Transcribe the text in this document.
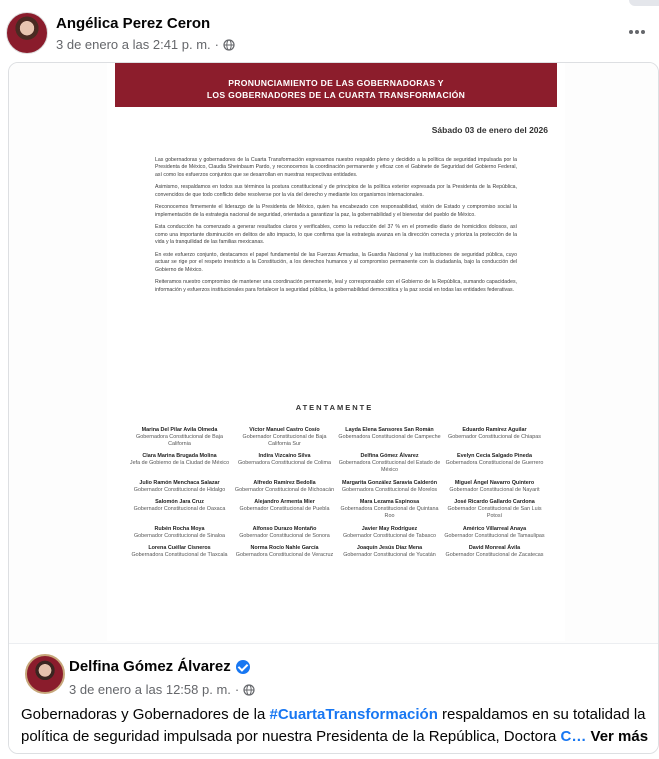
Angélica Perez Ceron
3 de enero a las 2:41 p. m. ·
PRONUNCIAMIENTO DE LAS GOBERNADORAS Y
LOS GOBERNADORES DE LA CUARTA TRANSFORMACIÓN
Sábado 03 de enero del 2026

Las gobernadoras y gobernadores de la Cuarta Transformación expresamos nuestro respaldo pleno y decidido a la política de seguridad impulsada por la Presidenta de México, Claudia Sheinbaum Pardo, y reconocemos la coordinación permanente y eficaz con el Gabinete de Seguridad del Gobierno Federal, así como los esfuerzos conjuntos que se desarrollan en nuestras respectivas entidades.

Asimismo, respaldamos en todos sus términos la postura constitucional y de principios de la política exterior expresada por la Presidenta de la República, convencidos de que todo conflicto debe resolverse por la vía del derecho y mediante los organismos internacionales.

Reconocemos firmemente el liderazgo de la Presidenta de México, quien ha encabezado con responsabilidad, visión de Estado y compromiso social la implementación de la estrategia nacional de seguridad, orientada a garantizar la paz, la gobernabilidad y el bienestar del pueblo de México.

Esta conducción ha comenzado a generar resultados claros y verificables, como la reducción del 37 % en el promedio diario de homicidios dolosos, así como una importante disminución en delitos de alto impacto, lo que confirma que la estrategia avanza en la dirección correcta y prioriza la protección de la vida y la tranquilidad de las familias mexicanas.

En este esfuerzo conjunto, destacamos el papel fundamental de las Fuerzas Armadas, la Guardia Nacional y las instituciones de seguridad pública, cuyo actuar se rige por el respeto irrestricto a la Constitución, a los derechos humanos y al compromiso permanente con la ciudadanía, bajo la conducción del Gobierno de México.

Reiteramos nuestro compromiso de mantener una coordinación permanente, leal y corresponsable con el Gobierno de la República, sumando capacidades, información y esfuerzos institucionales para fortalecer la seguridad pública, la gobernabilidad democrática y la paz social en todas las entidades federativas.

ATENTAMENTE
Marina Del Pilar Avila Olmeda
Gobernadora Constitucional de Baja California
Víctor Manuel Castro Cosío
Gobernador Constitucional de Baja California Sur
Layda Elena Sansores San Román
Gobernadora Constitucional de Campeche
Eduardo Ramírez Aguilar
Gobernador Constitucional de Chiapas
Clara Marina Brugada Molina
Jefa de Gobierno de la Ciudad de México
Indira Vizcaíno Silva
Gobernadora Constitucional de Colima
Delfina Gómez Álvarez
Gobernadora Constitucional del Estado de México
Evelyn Cecia Salgado Pineda
Gobernadora Constitucional de Guerrero
Julio Ramón Menchaca Salazar
Gobernador Constitucional de Hidalgo
Alfredo Ramírez Bedolla
Gobernador Constitucional de Michoacán
Margarita González Saravia Calderón
Gobernadora Constitucional de Morelos
Miguel Ángel Navarro Quintero
Gobernador Constitucional de Nayarit
Salomón Jara Cruz
Gobernador Constitucional de Oaxaca
Alejandro Armenta Mier
Gobernador Constitucional de Puebla
Mara Lezama Espinosa
Gobernadora Constitucional de Quintana Roo
José Ricardo Gallardo Cardona
Gobernador Constitucional de San Luis Potosí
Rubén Rocha Moya
Gobernador Constitucional de Sinaloa
Alfonso Durazo Montaño
Gobernador Constitucional de Sonora
Javier May Rodríguez
Gobernador Constitucional de Tabasco
Américo Villarreal Anaya
Gobernador Constitucional de Tamaulipas
Lorena Cuéllar Cisneros
Gobernadora Constitucional de Tlaxcala
Norma Rocío Nahle García
Gobernadora Constitucional de Veracruz
Joaquín Jesús Díaz Mena
Gobernador Constitucional de Yucatán
David Monreal Ávila
Gobernador Constitucional de Zacatecas
Delfina Gómez Álvarez
3 de enero a las 12:58 p. m. ·
Gobernadoras y Gobernadores de la #CuartaTransformación respaldamos en su totalidad la política de seguridad impulsada por nuestra Presidenta de la República, Doctora C… Ver más
